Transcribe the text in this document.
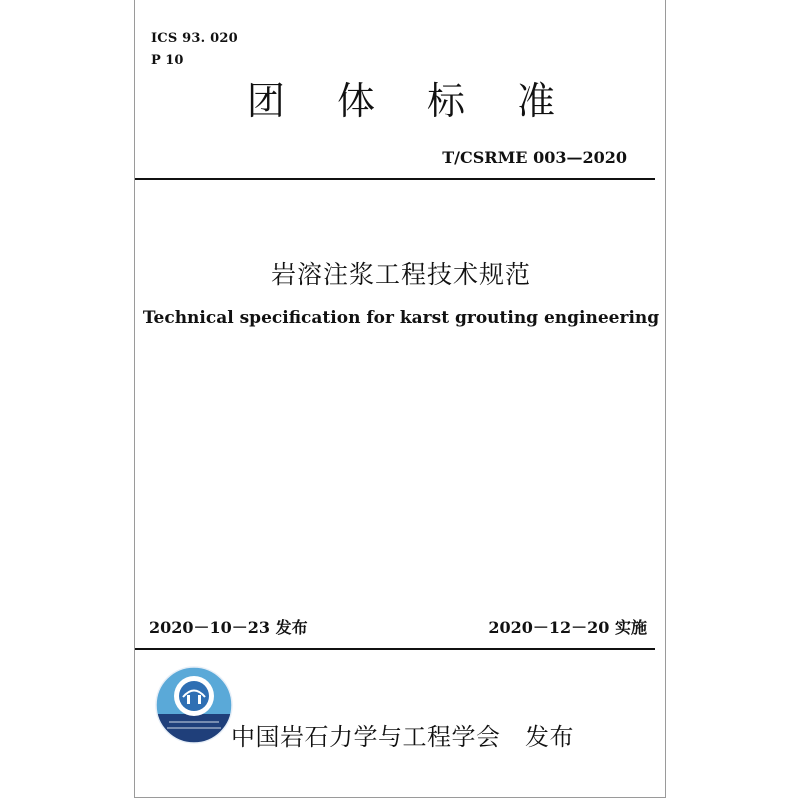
ICS 93. 020
P 10
团 体 标 准
T/CSRME 003—2020
岩溶注浆工程技术规范
Technical specification for karst grouting engineering
2020－10－23 发布	2020－12－20 实施
中国岩石力学与工程学会　发布
